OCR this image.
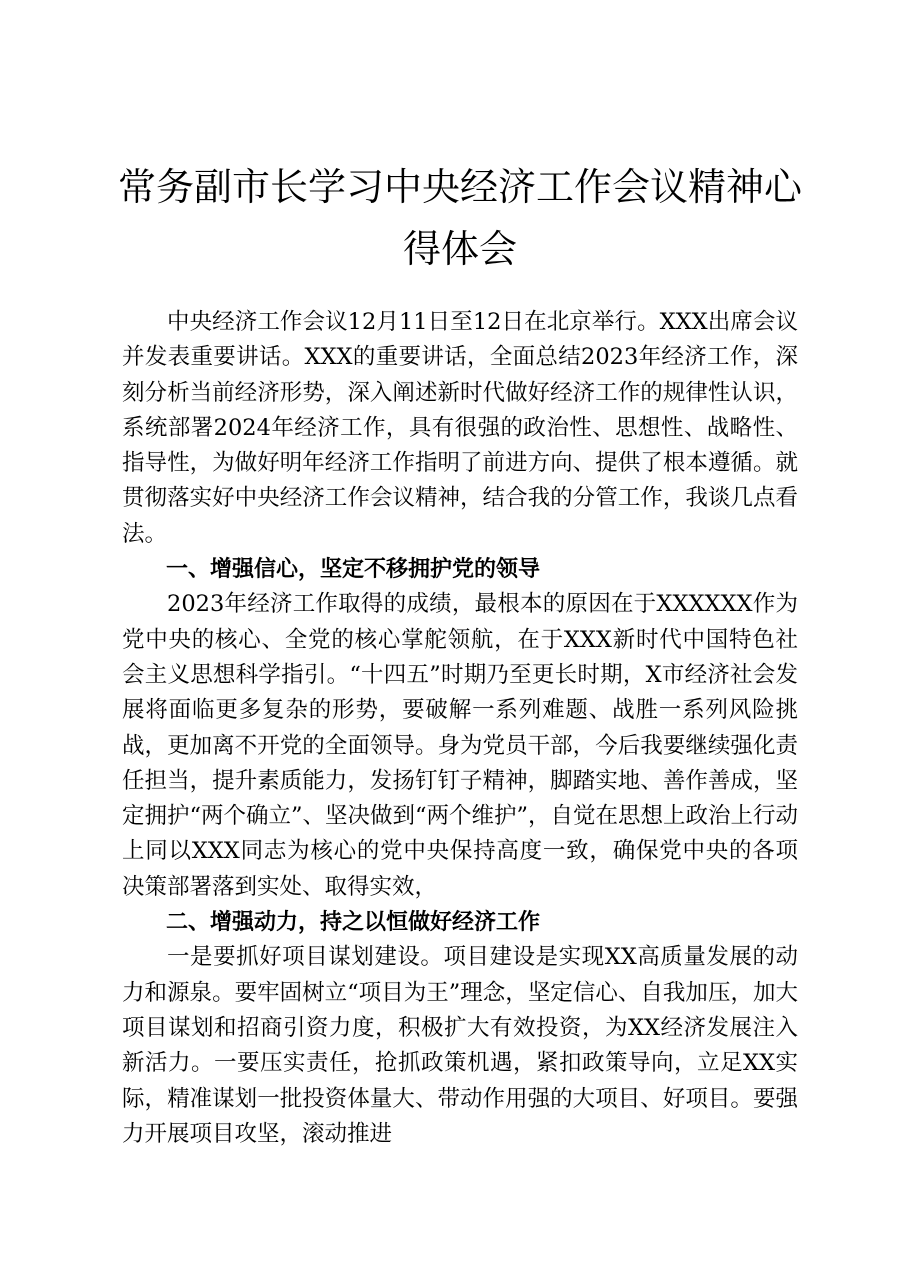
常务副市长学习中央经济工作会议精神心得体会

中央经济工作会议12月11日至12日在北京举行。XXX出席会议并发表重要讲话。XXX的重要讲话，全面总结2023年经济工作，深刻分析当前经济形势，深入阐述新时代做好经济工作的规律性认识，系统部署2024年经济工作，具有很强的政治性、思想性、战略性、指导性，为做好明年经济工作指明了前进方向、提供了根本遵循。就贯彻落实好中央经济工作会议精神，结合我的分管工作，我谈几点看法。

一、增强信心，坚定不移拥护党的领导

2023年经济工作取得的成绩，最根本的原因在于XXXXXX作为党中央的核心、全党的核心掌舵领航，在于XXX新时代中国特色社会主义思想科学指引。“十四五”时期乃至更长时期，X市经济社会发展将面临更多复杂的形势，要破解一系列难题、战胜一系列风险挑战，更加离不开党的全面领导。身为党员干部，今后我要继续强化责任担当，提升素质能力，发扬钉钉子精神，脚踏实地、善作善成，坚定拥护“两个确立”、坚决做到“两个维护”，自觉在思想上政治上行动上同以XXX同志为核心的党中央保持高度一致，确保党中央的各项决策部署落到实处、取得实效，

二、增强动力，持之以恒做好经济工作

一是要抓好项目谋划建设。项目建设是实现XX高质量发展的动力和源泉。要牢固树立“项目为王”理念，坚定信心、自我加压，加大项目谋划和招商引资力度，积极扩大有效投资，为XX经济发展注入新活力。一要压实责任，抢抓政策机遇，紧扣政策导向，立足XX实际，精准谋划一批投资体量大、带动作用强的大项目、好项目。要强力开展项目攻坚，滚动推进
